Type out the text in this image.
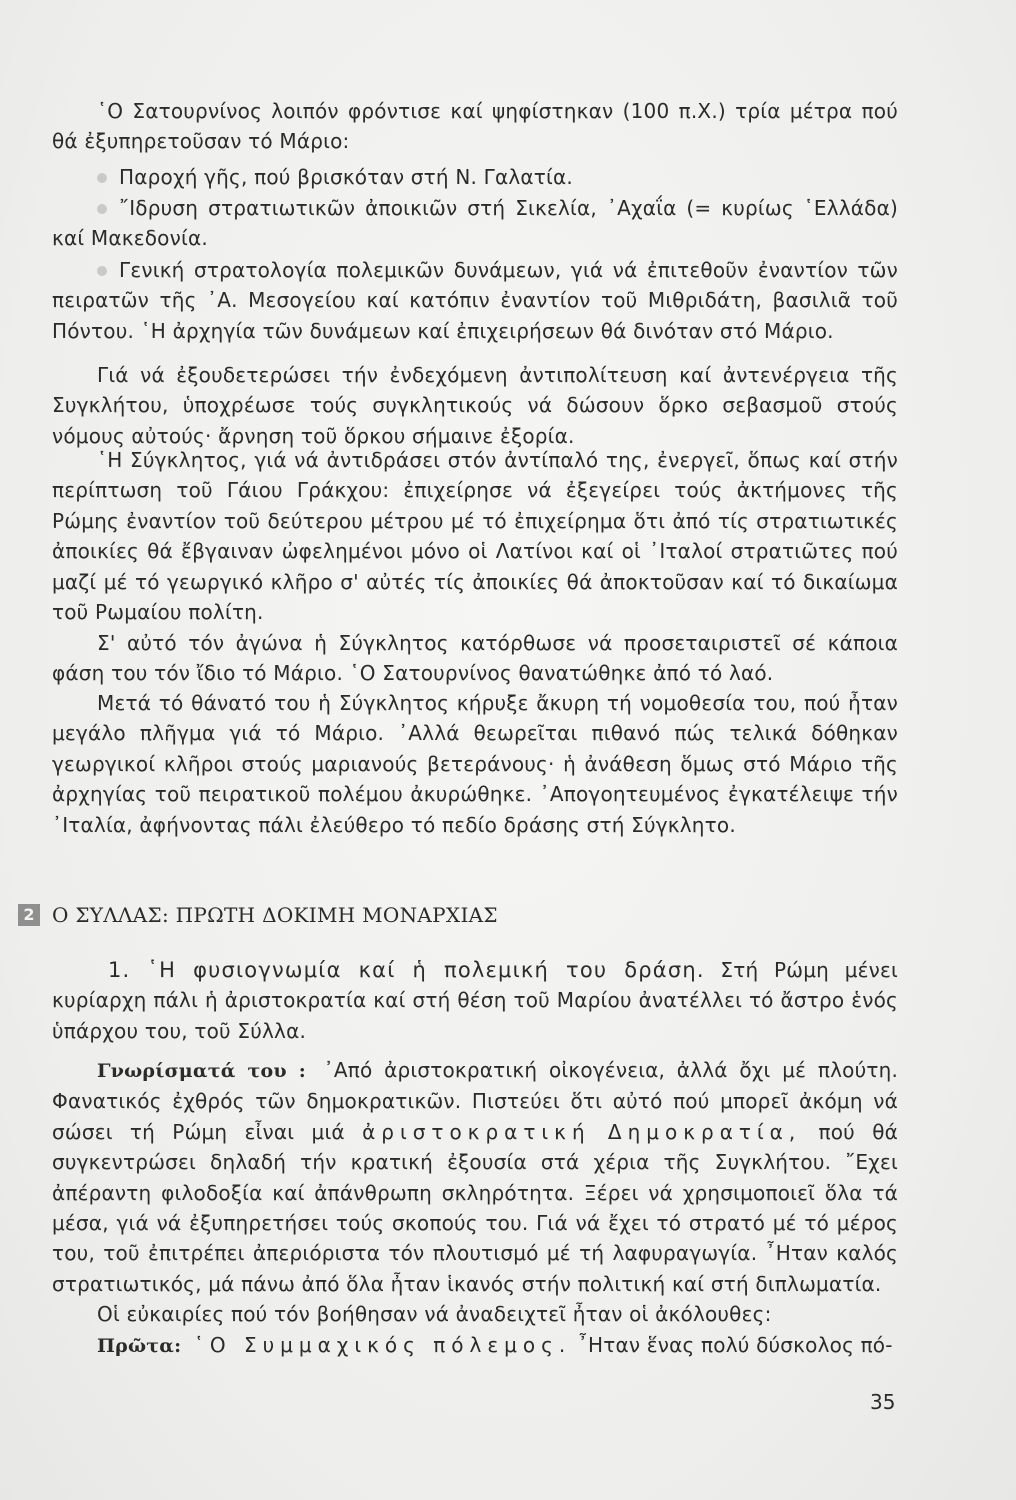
῾Ο Σατουρνίνος λοιπόν φρόντισε καί ψηφίστηκαν (100 π.Χ.) τρία μέτρα πού θά ἐξυπηρετοῦσαν τό Μάριο:

Παροχή γῆς, πού βρισκόταν στή Ν. Γαλατία.

῎Ιδρυση στρατιωτικῶν ἀποικιῶν στή Σικελία, ᾿Αχαΐα (= κυρίως ῾Ελλάδα) καί Μακεδονία.

Γενική στρατολογία πολεμικῶν δυνάμεων, γιά νά ἐπιτεθοῦν ἐναντίον τῶν πειρατῶν τῆς ᾿Α. Μεσογείου καί κατόπιν ἐναντίον τοῦ Μιθριδάτη, βασιλιᾶ τοῦ Πόντου. ῾Η ἀρχηγία τῶν δυνάμεων καί ἐπιχειρήσεων θά δινόταν στό Μάριο.

Γιά νά ἐξουδετερώσει τήν ἐνδεχόμενη ἀντιπολίτευση καί ἀντενέργεια τῆς Συγκλήτου, ὑποχρέωσε τούς συγκλητικούς νά δώσουν ὅρκο σεβασμοῦ στούς νόμους αὐτούς· ἄρνηση τοῦ ὅρκου σήμαινε ἐξορία.

῾Η Σύγκλητος, γιά νά ἀντιδράσει στόν ἀντίπαλό της, ἐνεργεῖ, ὅπως καί στήν περίπτωση τοῦ Γάιου Γράκχου: ἐπιχείρησε νά ἐξεγείρει τούς ἀκτήμονες τῆς Ρώμης ἐναντίον τοῦ δεύτερου μέτρου μέ τό ἐπιχείρημα ὅτι ἀπό τίς στρατιωτικές ἀποικίες θά ἔβγαιναν ὠφελημένοι μόνο οἱ Λατίνοι καί οἱ ᾿Ιταλοί στρατιῶτες πού μαζί μέ τό γεωργικό κλῆρο σ' αὐτές τίς ἀποικίες θά ἀποκτοῦσαν καί τό δικαίωμα τοῦ Ρωμαίου πολίτη.

Σ' αὐτό τόν ἀγώνα ἡ Σύγκλητος κατόρθωσε νά προσεταιριστεῖ σέ κάποια φάση του τόν ἴδιο τό Μάριο. ῾Ο Σατουρνίνος θανατώθηκε ἀπό τό λαό.

Μετά τό θάνατό του ἡ Σύγκλητος κήρυξε ἄκυρη τή νομοθεσία του, πού ἦταν μεγάλο πλῆγμα γιά τό Μάριο. ᾿Αλλά θεωρεῖται πιθανό πώς τελικά δόθηκαν γεωργικοί κλῆροι στούς μαριανούς βετεράνους· ἡ ἀνάθεση ὅμως στό Μάριο τῆς ἀρχηγίας τοῦ πειρατικοῦ πολέμου ἀκυρώθηκε. ᾿Απογοητευμένος ἐγκατέλειψε τήν ᾿Ιταλία, ἀφήνοντας πάλι ἐλεύθερο τό πεδίο δράσης στή Σύγκλητο.

2 Ο ΣΥΛΛΑΣ: ΠΡΩΤΗ ΔΟΚΙΜΗ ΜΟΝΑΡΧΙΑΣ

1. ῾Η φυσιογνωμία καί ἡ πολεμική του δράση. Στή Ρώμη μένει κυρίαρχη πάλι ἡ ἀριστοκρατία καί στή θέση τοῦ Μαρίου ἀνατέλλει τό ἄστρο ἑνός ὑπάρχου του, τοῦ Σύλλα.

Γνωρίσματά του : ᾿Από ἀριστοκρατική οἰκογένεια, ἀλλά ὄχι μέ πλούτη. Φανατικός ἐχθρός τῶν δημοκρατικῶν. Πιστεύει ὅτι αὐτό πού μπορεῖ ἀκόμη νά σώσει τή Ρώμη εἶναι μιά ἀριστοκρατική Δημοκρατία, πού θά συγκεντρώσει δηλαδή τήν κρατική ἐξουσία στά χέρια τῆς Συγκλήτου. ῎Εχει ἀπέραντη φιλοδοξία καί ἀπάνθρωπη σκληρότητα. Ξέρει νά χρησιμοποιεῖ ὅλα τά μέσα, γιά νά ἐξυπηρετήσει τούς σκοπούς του. Γιά νά ἔχει τό στρατό μέ τό μέρος του, τοῦ ἐπιτρέπει ἀπεριόριστα τόν πλουτισμό μέ τή λαφυραγωγία. ῏Ηταν καλός στρατιωτικός, μά πάνω ἀπό ὅλα ἦταν ἱκανός στήν πολιτική καί στή διπλωματία.

Οἱ εὐκαιρίες πού τόν βοήθησαν νά ἀναδειχτεῖ ἦταν οἱ ἀκόλουθες:

Πρῶτα: ῾Ο Συμμαχικός πόλεμος. ῏Ηταν ἕνας πολύ δύσκολος πό-

35
